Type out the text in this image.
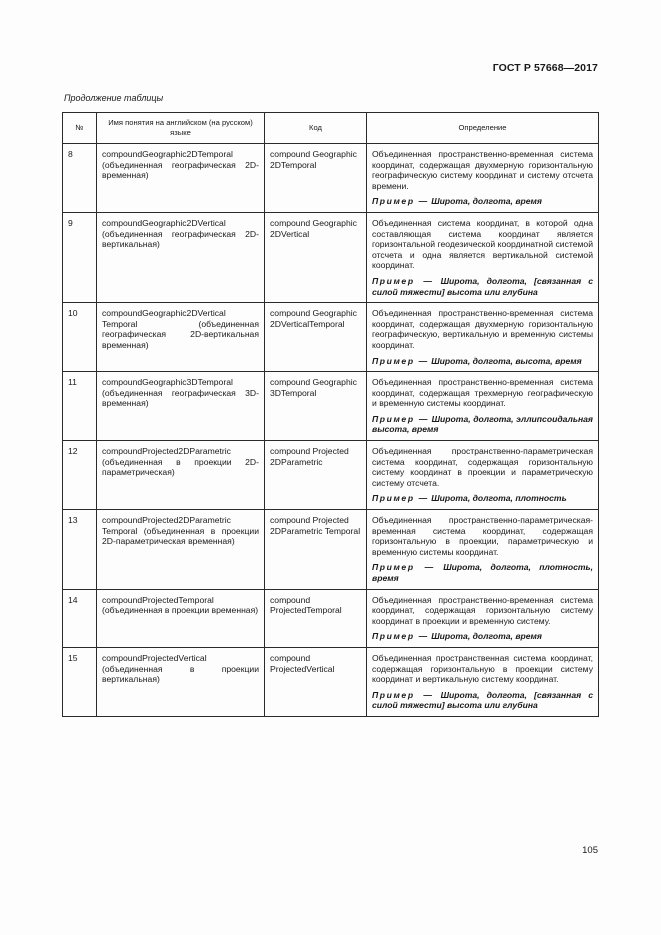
ГОСТ Р 57668—2017
Продолжение таблицы
№	Имя понятия на английском (на русском) языке	Код	Определение
8	compoundGeographic2DTemporal (объединенная географическая 2D-временная)	compound Geographic 2DTemporal	Объединенная пространственно-временная система координат, содержащая двухмерную горизонтальную географическую систему координат и систему отсчета времени.

Пример — Широта, долгота, время

9	compoundGeographic2DVertical (объединенная географическая 2D-вертикальная)	compound Geographic 2DVertical	Объединенная система координат, в которой одна составляющая система координат является горизонтальной геодезической координатной системой отсчета и одна является вертикальной системой координат.

Пример — Широта, долгота, [связанная с силой тяжести] высота или глубина

10	compoundGeographic2DVertical Temporal (объединенная географическая 2D-вертикальная временная)	compound Geographic 2DVerticalTemporal	Объединенная пространственно-временная система координат, содержащая двухмерную горизонтальную географическую, вертикальную и временную системы координат.

Пример — Широта, долгота, высота, время

11	compoundGeographic3DTemporal (объединенная географическая 3D-временная)	compound Geographic 3DTemporal	Объединенная пространственно-временная система координат, содержащая трехмерную географическую и временную системы координат.

Пример — Широта, долгота, эллипсоидальная высота, время

12	compoundProjected2DParametric (объединенная в проекции 2D-параметрическая)	compound Projected 2DParametric	Объединенная пространственно-параметрическая система координат, содержащая горизонтальную систему координат в проекции и параметрическую систему отсчета.

Пример — Широта, долгота, плотность

13	compoundProjected2DParametric Temporal (объединенная в проекции 2D-параметрическая временная)	compound Projected 2DParametric Temporal	Объединенная пространственно-параметрическая-временная система координат, содержащая горизонтальную в проекции, параметрическую и временную системы координат.

Пример — Широта, долгота, плотность, время

14	compoundProjectedTemporal (объединенная в проекции временная)	compound ProjectedTemporal	Объединенная пространственно-временная система координат, содержащая горизонтальную систему координат в проекции и временную систему.

Пример — Широта, долгота, время

15	compoundProjectedVertical (объединенная в проекции вертикальная)	compound ProjectedVertical	Объединенная пространственная система координат, содержащая горизонтальную в проекции систему координат и вертикальную систему координат.

Пример — Широта, долгота, [связанная с силой тяжести] высота или глубина

105
